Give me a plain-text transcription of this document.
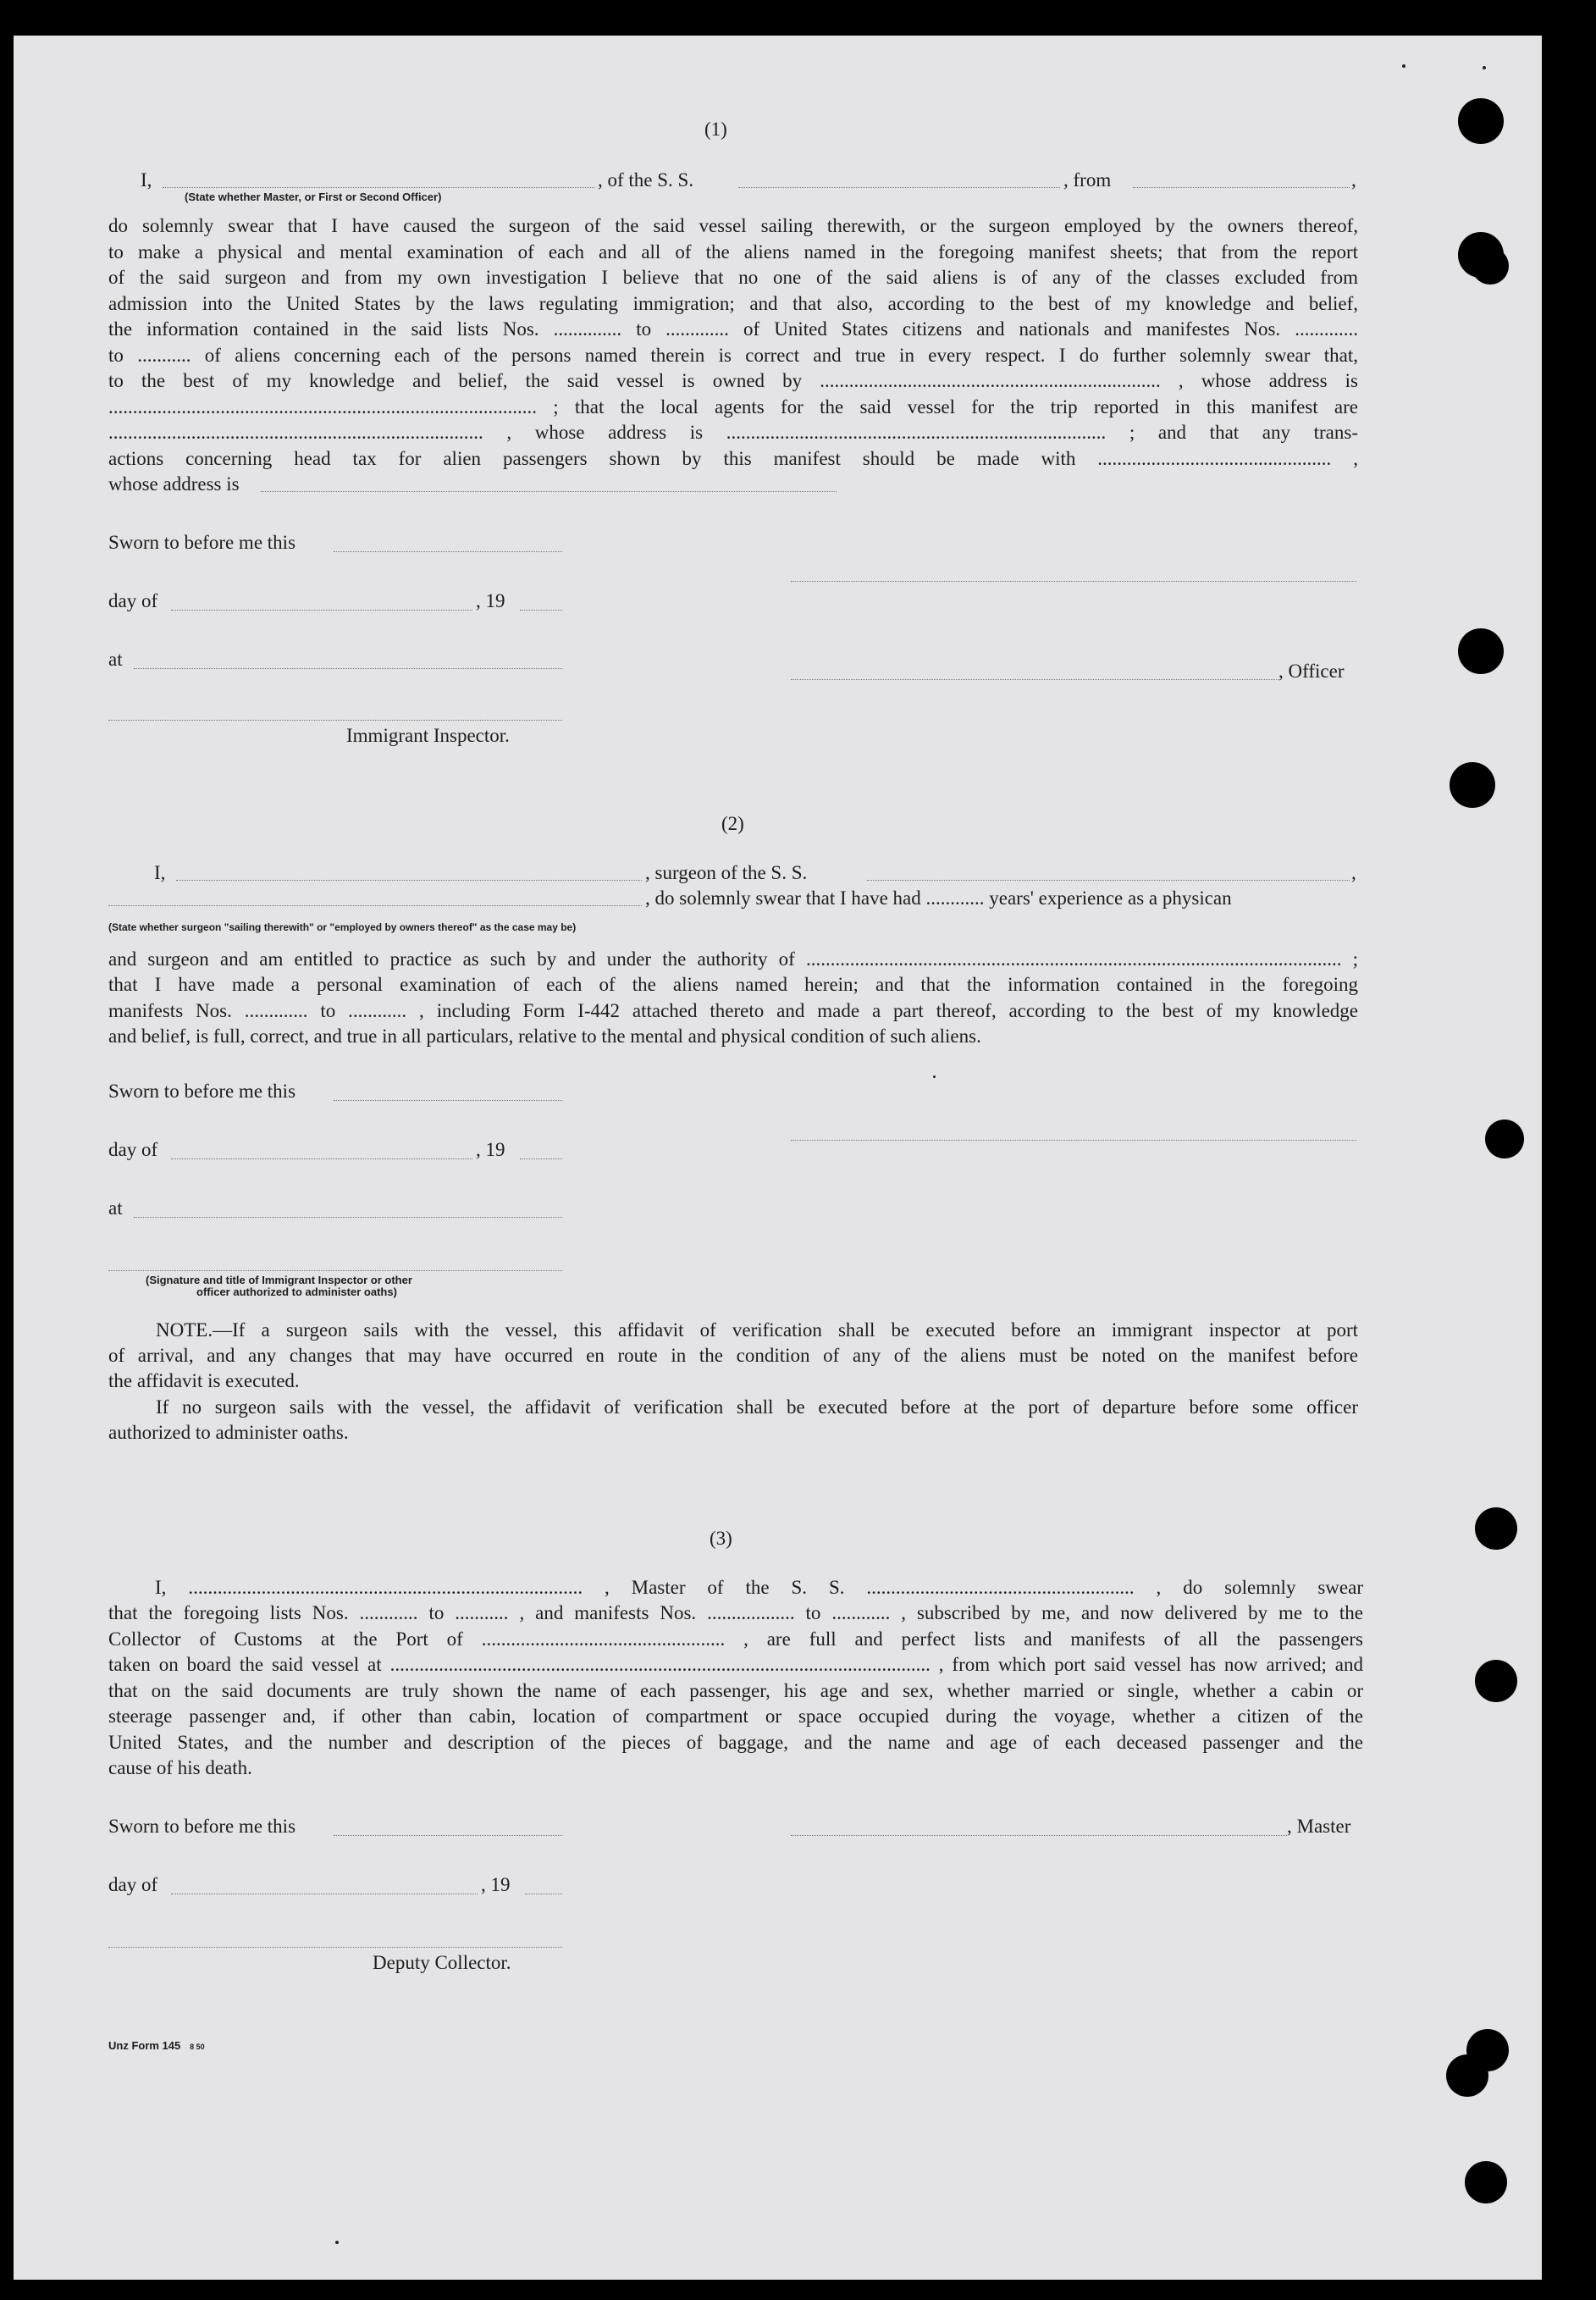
(1)
I,	, of the S. S.	, from	,
(State whether Master, or First or Second Officer)
do solemnly swear that I have caused the surgeon of the said vessel sailing therewith, or the surgeon employed by the owners thereof,
to make a physical and mental examination of each and all of the aliens named in the foregoing manifest sheets; that from the report
of the said surgeon and from my own investigation I believe that no one of the said aliens is of any of the classes excluded from
admission into the United States by the laws regulating immigration; and that also, according to the best of my knowledge and belief,
the information contained in the said lists Nos. .............. to ............. of United States citizens and nationals and manifestes Nos. .............
to ........... of aliens concerning each of the persons named therein is correct and true in every respect. I do further solemnly swear that,
to the best of my knowledge and belief, the said vessel is owned by ...................................................................... , whose address is
........................................................................................ ; that the local agents for the said vessel for the trip reported in this manifest are
............................................................................. , whose address is .............................................................................. ; and that any trans-
actions concerning head tax for alien passengers shown by this manifest should be made with ................................................ ,
whose address is
Sworn to before me this
day of	, 19
at
, Officer
Immigrant Inspector.
(2)
I,	, surgeon of the S. S.	,
, do solemnly swear that I have had ............ years' experience as a physican
(State whether surgeon "sailing therewith" or "employed by owners thereof" as the case may be)
and surgeon and am entitled to practice as such by and under the authority of .............................................................................................................. ;
that I have made a personal examination of each of the aliens named herein; and that the information contained in the foregoing
manifests Nos. ............. to ............ , including Form I-442 attached thereto and made a part thereof, according to the best of my knowledge
and belief, is full, correct, and true in all particulars, relative to the mental and physical condition of such aliens.
Sworn to before me this
day of	, 19
at
(Signature and title of Immigrant Inspector or other
officer authorized to administer oaths)
NOTE.—If a surgeon sails with the vessel, this affidavit of verification shall be executed before an immigrant inspector at port
of arrival, and any changes that may have occurred en route in the condition of any of the aliens must be noted on the manifest before
the affidavit is executed.
If no surgeon sails with the vessel, the affidavit of verification shall be executed before at the port of departure before some officer
authorized to administer oaths.
(3)
I, ................................................................................. , Master of the S. S. ....................................................... , do solemnly swear
that the foregoing lists Nos. ............ to ........... , and manifests Nos. .................. to ............ , subscribed by me, and now delivered by me to the
Collector of Customs at the Port of .................................................. , are full and perfect lists and manifests of all the passengers
taken on board the said vessel at ............................................................................................................... , from which port said vessel has now arrived; and
that on the said documents are truly shown the name of each passenger, his age and sex, whether married or single, whether a cabin or
steerage passenger and, if other than cabin, location of compartment or space occupied during the voyage, whether a citizen of the
United States, and the number and description of the pieces of baggage, and the name and age of each deceased passenger and the
cause of his death.
Sworn to before me this	, Master
day of	, 19
Deputy Collector.
Unz Form 145 8 50
